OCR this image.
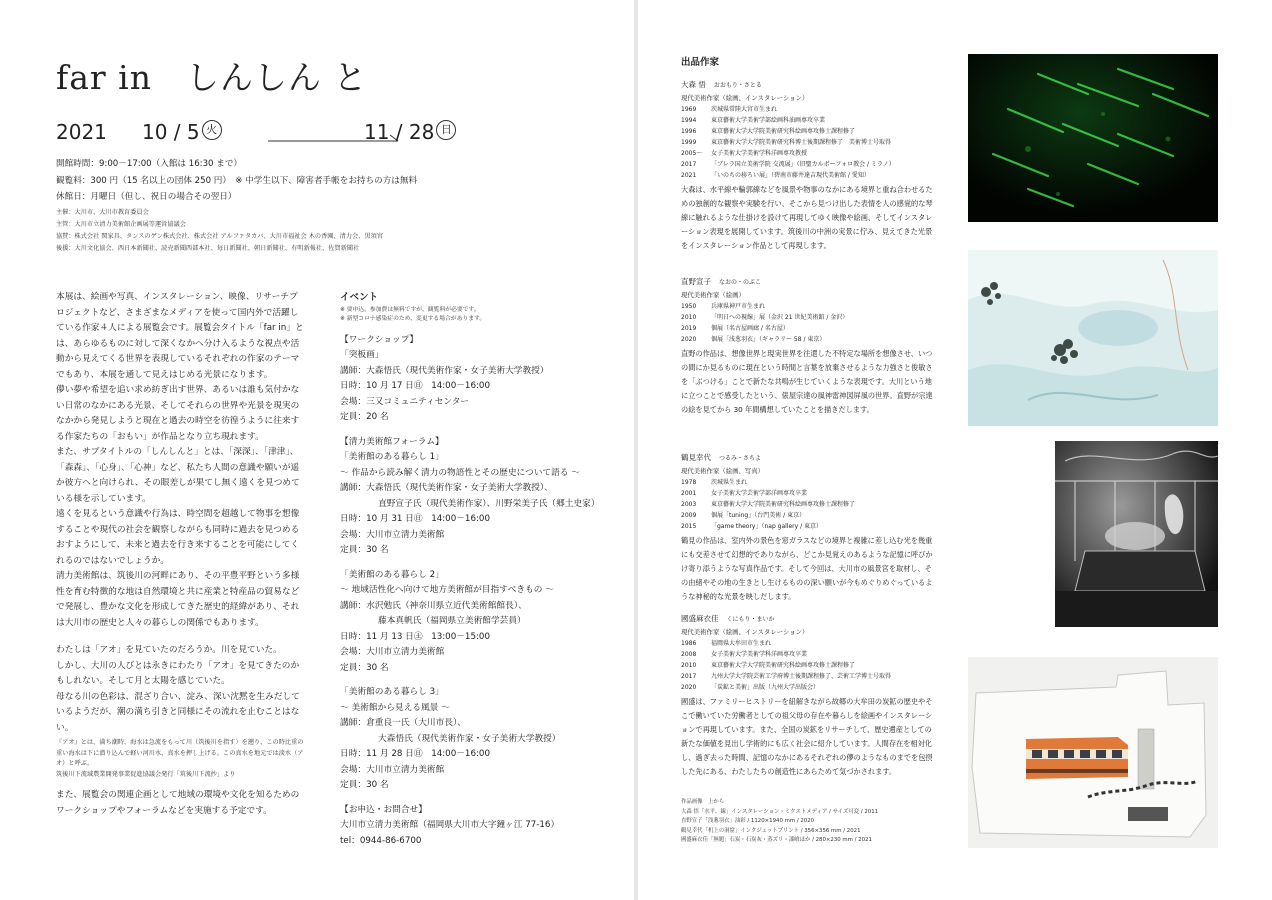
far in　しんしん と
2021 10 / 5 火	11 / 28 日
開館時間：9:00－17:00（入館は 16:30 まで）
観覧料：300 円（15 名以上の団体 250 円）　※ 中学生以下、障害者手帳をお持ちの方は無料
休館日：月曜日（但し、祝日の場合その翌日）
主催：大川市、大川市教育委員会
主管：大川市立清力美術館企画展等運営協議会
協賛：株式会社 関家具、タンスのゲン株式会社、株式会社 アルファタカバ、大川市福祉会 木の香園、清力会、黒須宮
後援：大川文化協会、西日本新聞社、読売新聞西部本社、毎日新聞社、朝日新聞社、有明新報社、佐賀新聞社

本展は、絵画や写真、インスタレーション、映像、リサーチプロジェクトなど、さまざまなメディアを使って国内外で活躍している作家４人による展覧会です。展覧会タイトル「far in」とは、あらゆるものに対して深くなかへ分け入るような視点や活動から見えてくる世界を表現しているそれぞれの作家のテーマでもあり、本展を通して見えはじめる光景になります。

儚い夢や希望を追い求め紡ぎ出す世界、あるいは誰も気付かない日常のなかにある光景、そしてそれらの世界や光景を現実のなかから発見しようと現在と過去の時空を彷徨うように往来する作家たちの「おもい」が作品となり立ち現れます。

また、サブタイトルの「しんしんと」とは、「深深」、「津津」、「森森」、「心身」、「心神」など、私たち人間の意識や願いが遥か彼方へと向けられ、その眼差しが果てし無く遠くを見つめている様を示しています。

遠くを見るという意識や行為は、時空間を超越して物事を想像することや現代の社会を観察しながらも同時に過去を見つめるおすようにして、未来と過去を行き来することを可能にしてくれるのではないでしょうか。

清力美術館は、筑後川の河畔にあり、その平豊平野という多様性を育む特徴的な地は自然環境と共に産業と特産品の貿易などで発展し、豊かな文化を形成してきた歴史的経緯があり、それは大川市の歴史と人々の暮らしの関係でもあります。

わたしは「アオ」を見ていたのだろうか。川を見ていた。

しかし、大川の人びとは永きにわたり「アオ」を見てきたのかもしれない。そして月と太陽を感じていた。

母なる川の色彩は、混ざり合い、淀み、深い沈黙を生みだしているようだが、潮の満ち引きと同様にその流れを止むことはない。

『アオ』とは、満ち潮時、海水は急流をもって川（筑後川を指す）を遡り、この時比重の重い海水は下に潜り込んで軽い河川水、真水を押し上げる。この真水を地元では淡水（アオ）と呼ぶ。
筑後川下流域農業開発事業促進協議会発行「筑後川下流抄」より

また、展覧会の関連企画として地域の環境や文化を知るためのワークショップやフォーラムなどを実施する予定です。

イベント
※ 要申込。参加費は無料ですが、観覧料が必要です。
※ 新型コロナ感染症のため、変更する場合があります。
【ワークショップ】
「突板画」
講師：大森悟氏（現代美術作家・女子美術大学教授）
日時：10 月 17 日㊐　14:00－16:00
会場：三又コミュニティセンター
定員：20 名
【清力美術館フォーラム】
「美術館のある暮らし 1」
～ 作品から読み解く清力の物語性とその歴史について語る ～
講師：大森悟氏（現代美術作家・女子美術大学教授）、
直野宣子氏（現代美術作家）、川野栄美子氏（郷土史家）
日時：10 月 31 日㊐　14:00－16:00
会場：大川市立清力美術館
定員：30 名
「美術館のある暮らし 2」
～ 地域活性化へ向けて地方美術館が目指すべきもの ～
講師：水沢勉氏（神奈川県立近代美術館館長）、
藤本真帆氏（福岡県立美術館学芸員）
日時：11 月 13 日㊏　13:00－15:00
会場：大川市立清力美術館
定員：30 名
「美術館のある暮らし 3」
～ 美術館から見える風景 ～
講師：倉重良一氏（大川市長）、
大森悟氏（現代美術作家・女子美術大学教授）
日時：11 月 28 日㊐　14:00－16:00
会場：大川市立清力美術館
定員：30 名
【お申込・お問合せ】
大川市立清力美術館（福岡県大川市大字鐘ヶ江 77-16）
tel：0944-86-6700
出品作家
大森 悟 おおもり・さとる
現代美術作家（絵画、インスタレーション）
1969 茨城県常陸大宮市生まれ
1994 東京藝術大学美術学部絵画科油画専攻卒業
1996 東京藝術大学大学院美術研究科絵画専攻修士課程修了
1999 東京藝術大学大学院美術研究科博士後期課程修了　美術博士号取得
2005～ 女子美術大学美術学科洋画専攻教授
2017 「ブレラ国立美術学院 交流展」（旧聖カルポーフォロ教会 / ミラノ）
2021 「いのちの移ろい展」（碧南市藤井達吉現代美術館 / 愛知）
大森は、水平線や輪郭線などを風景や物事のなかにある境界と重ね合わせるための独創的な観察や実験を行い、そこから見つけ出した表情を人の感覚的な琴線に触れるような仕掛けを設けて再現してゆく映像や絵画、そしてインスタレーション表現を展開しています。筑後川の中洲の実景に佇み、見えてきた光景をインスタレーション作品として再現します。
直野宣子 なおの・のぶこ
現代美術作家（絵画）
1950 兵庫県神戸市生まれ
2010 「明日への視線」展（金沢 21 世紀美術館 / 金沢）
2019 個展（名古屋画廊 / 名古屋）
2020 個展「浅葱羽衣」（ギャラリー 58 / 東京）
直野の作品は、想像世界と現実世界を往還した不特定な場所を想像させ、いつの間にか見るものに現在という時間と言葉を放棄させるような力強さと俊敏さを「ぶつける」ことで新たな共鳴が生じていくような表現です。大川という地に立つことで感受したという、俵屋宗達の風神雷神図屏風の世界。直野が宗達の絵を見てから 30 年間構想していたことを描きだします。
鶴見幸代 つるみ・さちよ
現代美術作家（絵画、写真）
1978 茨城県生まれ
2001 女子美術大学芸術学部洋画専攻卒業
2003 東京藝術大学大学院美術研究科絵画専攻修士課程修了
2009 個展「tuning」（台門美術 / 東京）
2015 「game theory」（nap gallery / 東京）
鶴見の作品は、室内外の景色を窓ガラスなどの境界と複雑に差し込む光を幾重にも交差させて幻想的でありながら、どこか見覚えのあるような記憶に呼びかけ寄り添うような写真作品です。そして今回は、大川市の風景宮を取材し、その由緒やその地の生きとし生けるものの深い願いが今もめぐりめぐっているような神秘的な光景を映しだします。
國盛麻衣佳 くにもり・まいか
現代美術作家（絵画、インスタレーション）
1986 福岡県大牟田市生まれ
2008 女子美術大学美術学科洋画専攻卒業
2010 東京藝術大学大学院美術研究科絵画専攻修士課程修了
2017 九州大学大学院芸術工学府博士後期課程修了、芸術工学博士号取得
2020 「炭鉱と美術」出版（九州大学出版会）
國盛は、ファミリーヒストリーを紐解きながら故郷の大牟田の炭鉱の歴史やそこで働いていた労働者としての祖父母の存在や暮らしを絵画やインスタレーションで再現しています。また、全国の炭鉱をリサーチして、歴史遺産としての新たな価値を見出し学術的にも広く社会に紹介しています。人間存在を相対化し、過ぎ去った時間、記憶のなかにあるそれぞれの儚のようなものまでを包摂した先にある、わたしたちの創造性にあらためて気づかされます。
作品画像　上から
大森 悟「水平、線」インスタレーション・ミクストメディア / サイズ可変 / 2011
直野宣子「浅葱羽衣」油彩 / 1120×1940 mm / 2020
鶴見幸代「机上の洞窟」インクジェットプリント / 356×356 mm / 2021
國盛麻衣佳「無題」石炭・石炭灰・蒸ズリ・漆喰ほか / 280×230 mm / 2021
